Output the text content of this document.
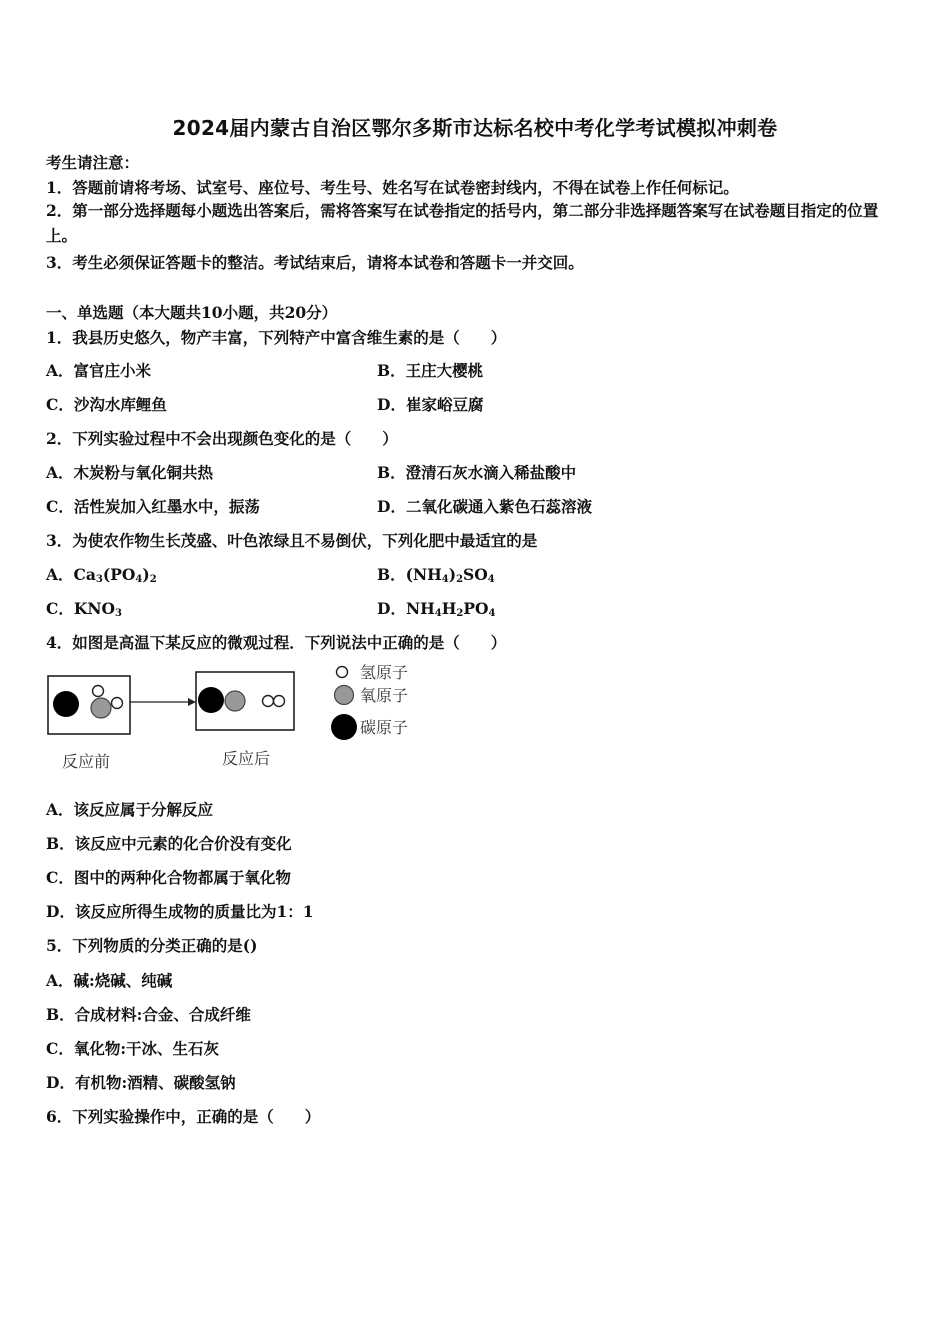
2024届内蒙古自治区鄂尔多斯市达标名校中考化学考试模拟冲刺卷
考生请注意：
1．答题前请将考场、试室号、座位号、考生号、姓名写在试卷密封线内，不得在试卷上作任何标记。
2．第一部分选择题每小题选出答案后，需将答案写在试卷指定的括号内，第二部分非选择题答案写在试卷题目指定的位置上。
3．考生必须保证答题卡的整洁。考试结束后，请将本试卷和答题卡一并交回。
一、单选题（本大题共10小题，共20分）
1．我县历史悠久，物产丰富，下列特产中富含维生素的是（　　）
A．富官庄小米	B．王庄大樱桃
C．沙沟水库鲤鱼	D．崔家峪豆腐
2．下列实验过程中不会出现颜色变化的是（　　）
A．木炭粉与氧化铜共热	B．澄清石灰水滴入稀盐酸中
C．活性炭加入红墨水中，振荡	D．二氧化碳通入紫色石蕊溶液
3．为使农作物生长茂盛、叶色浓绿且不易倒伏，下列化肥中最适宜的是
A．$Ca_3(PO_4)_2$	B．$(NH_4)_2SO_4$
C．$KNO_3$	D．$NH_4H_2PO_4$
4．如图是高温下某反应的微观过程．下列说法中正确的是（　　）
反应前	反应后
氢原子
氧原子
碳原子
A．该反应属于分解反应
B．该反应中元素的化合价没有变化
C．图中的两种化合物都属于氧化物
D．该反应所得生成物的质量比为1：1
5．下列物质的分类正确的是()
A．碱:烧碱、纯碱
B．合成材料:合金、合成纤维
C．氧化物:干冰、生石灰
D．有机物:酒精、碳酸氢钠
6．下列实验操作中，正确的是（　　）
